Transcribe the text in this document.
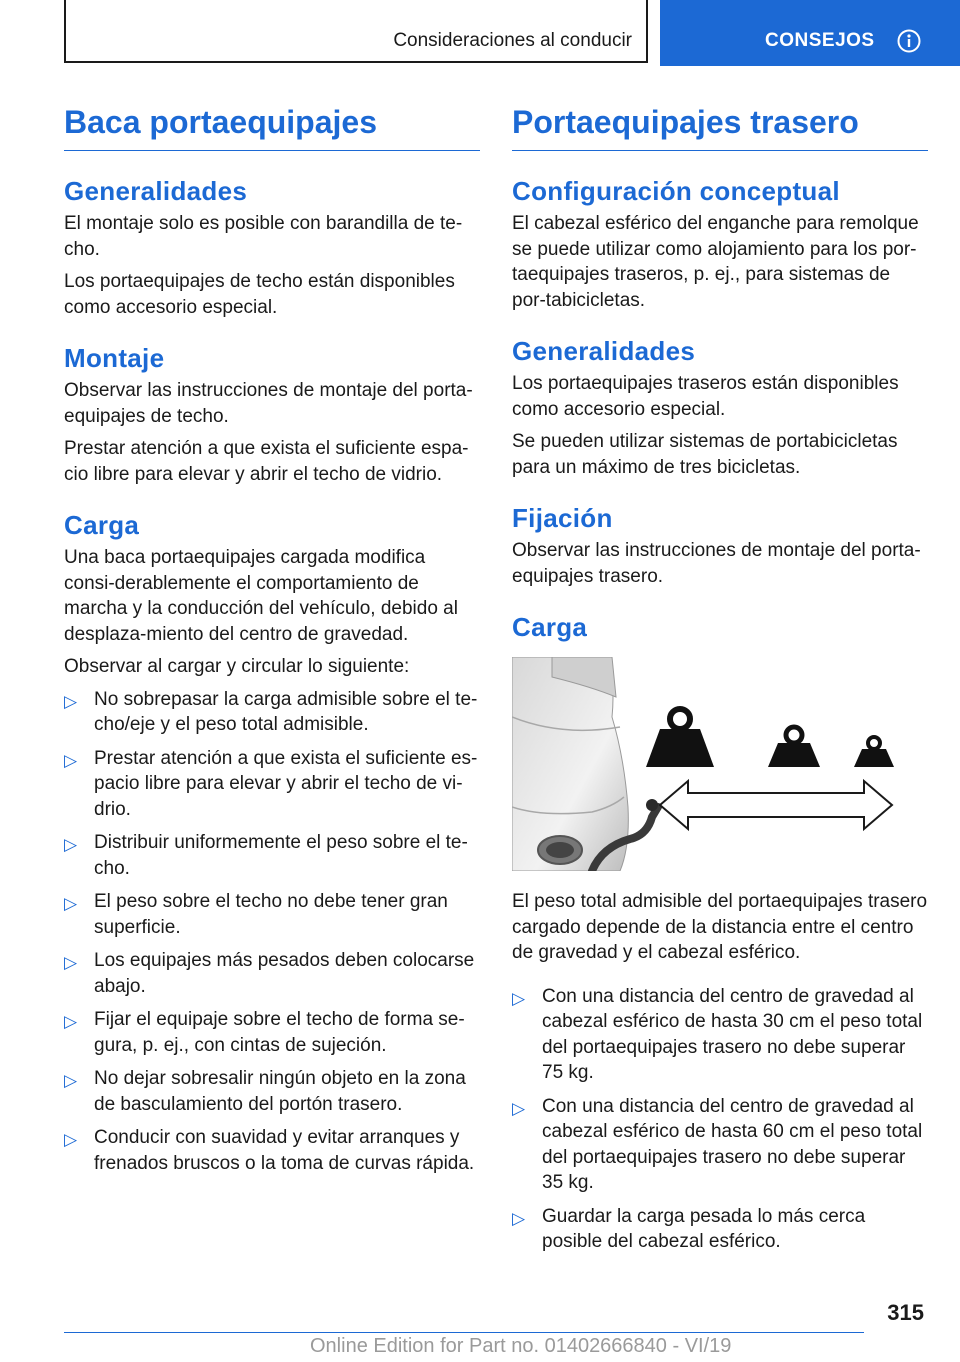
Consideraciones al conducir	CONSEJOS
Baca portaequipajes
Generalidades

El montaje solo es posible con barandilla de te-cho.

Los portaequipajes de techo están disponibles como accesorio especial.

Montaje

Observar las instrucciones de montaje del porta-equipajes de techo.

Prestar atención a que exista el suficiente espa-cio libre para elevar y abrir el techo de vidrio.

Carga

Una baca portaequipajes cargada modifica consi-derablemente el comportamiento de marcha y la conducción del vehículo, debido al desplaza-miento del centro de gravedad.

Observar al cargar y circular lo siguiente:

▷ No sobrepasar la carga admisible sobre el te-cho/eje y el peso total admisible.
▷ Prestar atención a que exista el suficiente es-pacio libre para elevar y abrir el techo de vi-drio.
▷ Distribuir uniformemente el peso sobre el te-cho.
▷ El peso sobre el techo no debe tener gran superficie.
▷ Los equipajes más pesados deben colocarse abajo.
▷ Fijar el equipaje sobre el techo de forma se-gura, p. ej., con cintas de sujeción.
▷ No dejar sobresalir ningún objeto en la zona de basculamiento del portón trasero.
▷ Conducir con suavidad y evitar arranques y frenados bruscos o la toma de curvas rápida.
Portaequipajes trasero
Configuración conceptual

El cabezal esférico del enganche para remolque se puede utilizar como alojamiento para los por-taequipajes traseros, p. ej., para sistemas de por-tabicicletas.

Generalidades

Los portaequipajes traseros están disponibles como accesorio especial.

Se pueden utilizar sistemas de portabicicletas para un máximo de tres bicicletas.

Fijación

Observar las instrucciones de montaje del porta-equipajes trasero.

Carga

El peso total admisible del portaequipajes trasero cargado depende de la distancia entre el centro de gravedad y el cabezal esférico.

▷ Con una distancia del centro de gravedad al cabezal esférico de hasta 30 cm el peso total del portaequipajes trasero no debe superar 75 kg.
▷ Con una distancia del centro de gravedad al cabezal esférico de hasta 60 cm el peso total del portaequipajes trasero no debe superar 35 kg.
▷ Guardar la carga pesada lo más cerca posible del cabezal esférico.
315
Online Edition for Part no. 01402666840 - VI/19
